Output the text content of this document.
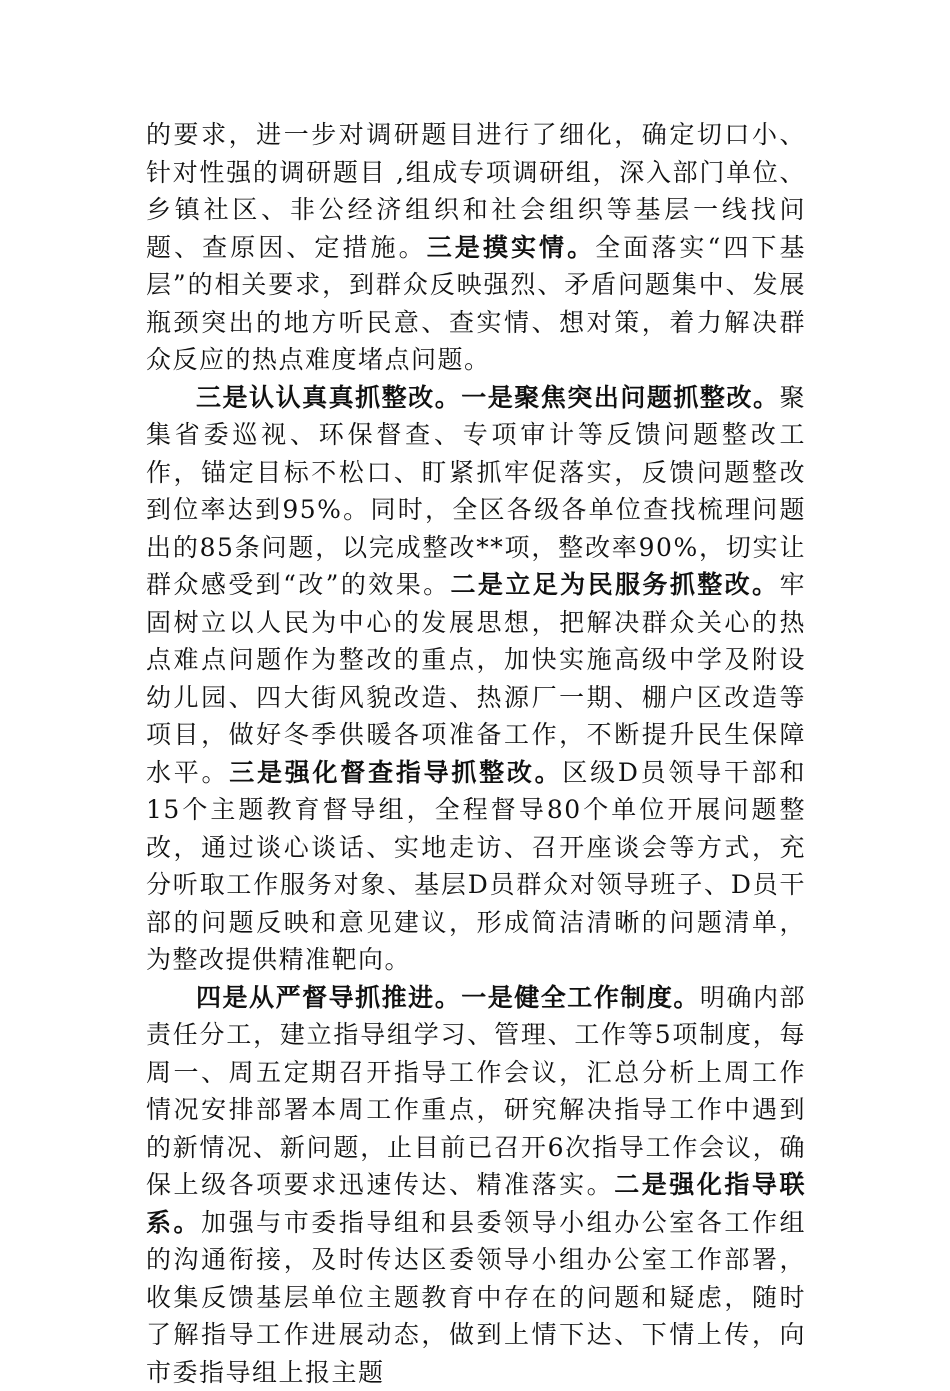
的要求，进一步对调研题目进行了细化，确定切口小、针对性强的调研题目 ,组成专项调研组，深入部门单位、乡镇社区、非公经济组织和社会组织等基层一线找问题、查原因、定措施。三是摸实情。全面落实“四下基层”的相关要求，到群众反映强烈、矛盾问题集中、发展瓶颈突出的地方听民意、查实情、想对策，着力解决群众反应的热点难度堵点问题。

三是认认真真抓整改。一是聚焦突出问题抓整改。聚集省委巡视、环保督查、专项审计等反馈问题整改工作，锚定目标不松口、盯紧抓牢促落实，反馈问题整改到位率达到95%。同时，全区各级各单位查找梳理问题出的85条问题，以完成整改**项，整改率90%，切实让群众感受到“改”的效果。二是立足为民服务抓整改。牢固树立以人民为中心的发展思想，把解决群众关心的热点难点问题作为整改的重点，加快实施高级中学及附设幼儿园、四大街风貌改造、热源厂一期、棚户区改造等项目，做好冬季供暖各项准备工作，不断提升民生保障水平。三是强化督查指导抓整改。区级D员领导干部和15个主题教育督导组，全程督导80个单位开展问题整改，通过谈心谈话、实地走访、召开座谈会等方式，充分听取工作服务对象、基层D员群众对领导班子、D员干部的问题反映和意见建议，形成简洁清晰的问题清单，为整改提供精准靶向。

四是从严督导抓推进。一是健全工作制度。明确内部责任分工，建立指导组学习、管理、工作等5项制度，每周一、周五定期召开指导工作会议，汇总分析上周工作情况安排部署本周工作重点，研究解决指导工作中遇到的新情况、新问题，止目前已召开6次指导工作会议，确保上级各项要求迅速传达、精准落实。二是强化指导联系。加强与市委指导组和县委领导小组办公室各工作组的沟通衔接，及时传达区委领导小组办公室工作部署，收集反馈基层单位主题教育中存在的问题和疑虑，随时了解指导工作进展动态，做到上情下达、下情上传，向市委指导组上报主题
